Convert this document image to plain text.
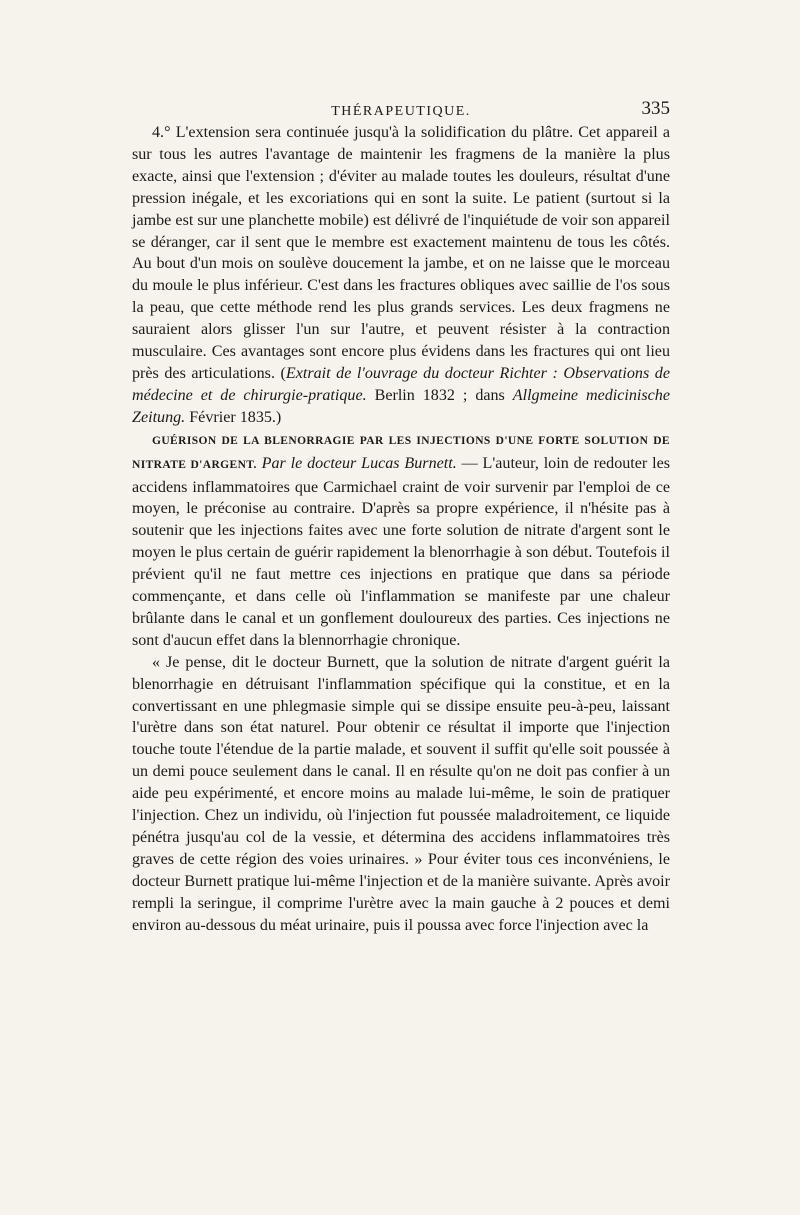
THÉRAPEUTIQUE.	335

4.° L'extension sera continuée jusqu'à la solidification du plâtre. Cet appareil a sur tous les autres l'avantage de maintenir les fragmens de la manière la plus exacte, ainsi que l'extension ; d'éviter au malade toutes les douleurs, résultat d'une pression inégale, et les excoriations qui en sont la suite. Le patient (surtout si la jambe est sur une planchette mobile) est délivré de l'inquiétude de voir son appareil se déranger, car il sent que le membre est exactement maintenu de tous les côtés. Au bout d'un mois on soulève doucement la jambe, et on ne laisse que le morceau du moule le plus inférieur. C'est dans les fractures obliques avec saillie de l'os sous la peau, que cette méthode rend les plus grands services. Les deux fragmens ne sauraient alors glisser l'un sur l'autre, et peuvent résister à la contraction musculaire. Ces avantages sont encore plus évidens dans les fractures qui ont lieu près des articulations. (Extrait de l'ouvrage du docteur Richter : Observations de médecine et de chirurgie-pratique. Berlin 1832 ; dans Allgmeine medicinische Zeitung. Février 1835.)

GUÉRISON DE LA BLENORRAGIE PAR LES INJECTIONS D'UNE FORTE SOLUTION DE NITRATE D'ARGENT. Par le docteur Lucas Burnett. — L'auteur, loin de redouter les accidens inflammatoires que Carmichael craint de voir survenir par l'emploi de ce moyen, le préconise au contraire. D'après sa propre expérience, il n'hésite pas à soutenir que les injections faites avec une forte solution de nitrate d'argent sont le moyen le plus certain de guérir rapidement la blenorrhagie à son début. Toutefois il prévient qu'il ne faut mettre ces injections en pratique que dans sa période commençante, et dans celle où l'inflammation se manifeste par une chaleur brûlante dans le canal et un gonflement douloureux des parties. Ces injections ne sont d'aucun effet dans la blennorrhagie chronique.

« Je pense, dit le docteur Burnett, que la solution de nitrate d'argent guérit la blenorrhagie en détruisant l'inflammation spécifique qui la constitue, et en la convertissant en une phlegmasie simple qui se dissipe ensuite peu-à-peu, laissant l'urètre dans son état naturel. Pour obtenir ce résultat il importe que l'injection touche toute l'étendue de la partie malade, et souvent il suffit qu'elle soit poussée à un demi pouce seulement dans le canal. Il en résulte qu'on ne doit pas confier à un aide peu expérimenté, et encore moins au malade lui-même, le soin de pratiquer l'injection. Chez un individu, où l'injection fut poussée maladroitement, ce liquide pénétra jusqu'au col de la vessie, et détermina des accidens inflammatoires très graves de cette région des voies urinaires. » Pour éviter tous ces inconvéniens, le docteur Burnett pratique lui-même l'injection et de la manière suivante. Après avoir rempli la seringue, il comprime l'urètre avec la main gauche à 2 pouces et demi environ au-dessous du méat urinaire, puis il poussa avec force l'injection avec la
